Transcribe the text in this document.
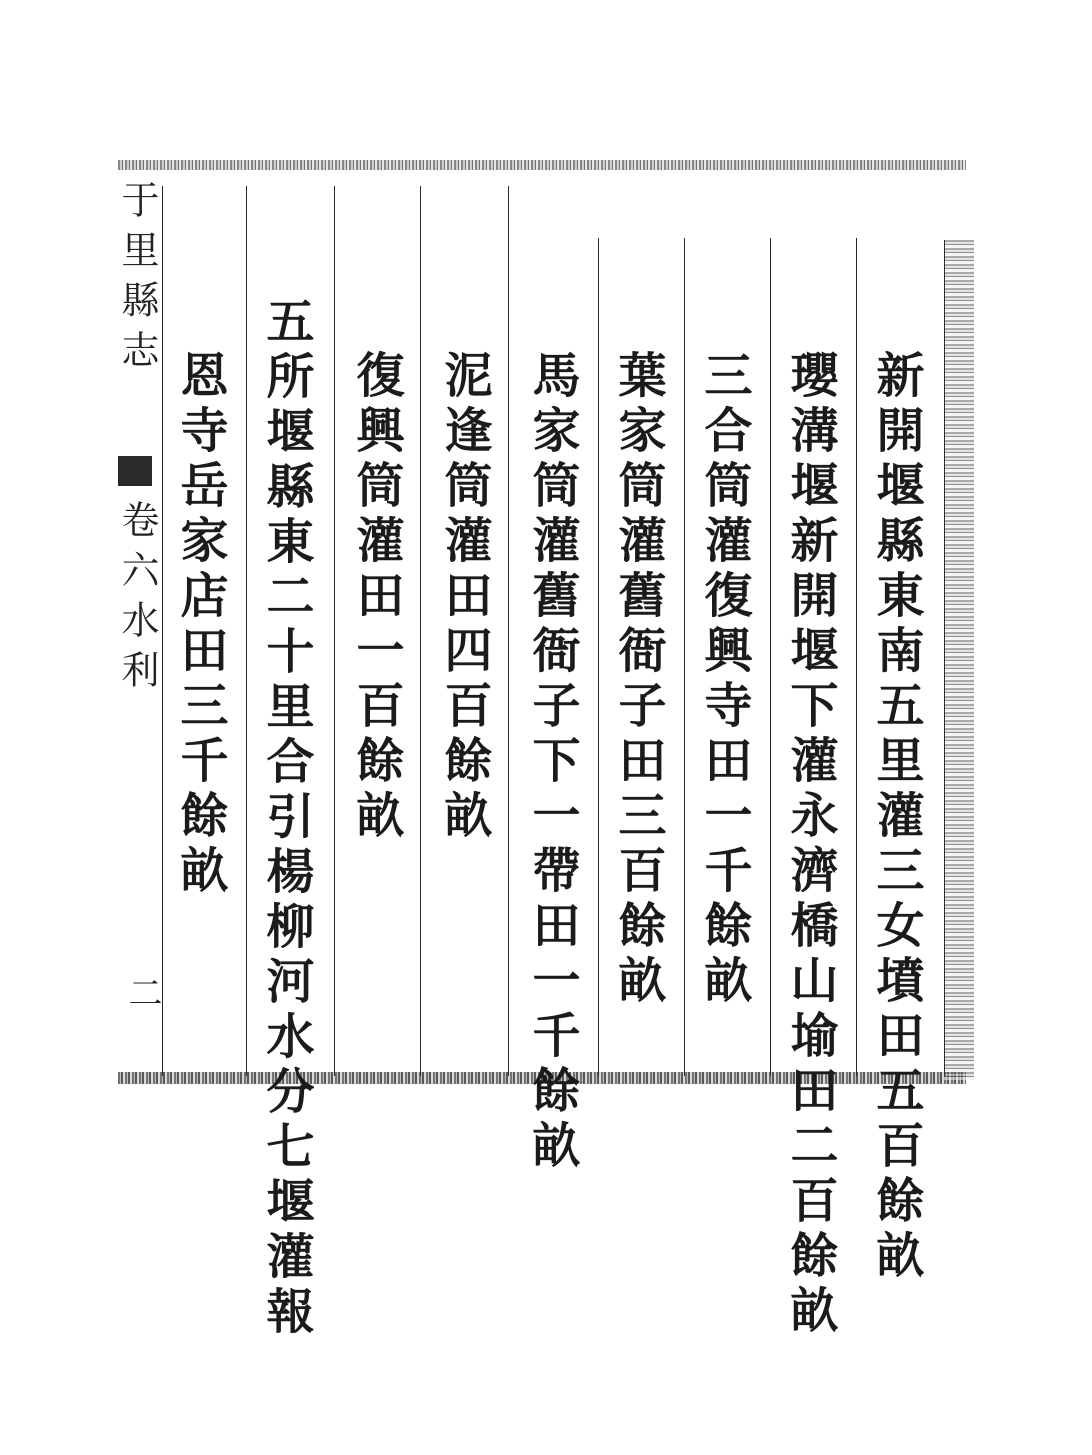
于里縣志
卷六水利
二	新開堰縣東南五里灌三女墳田五百餘畝
瓔溝堰新開堰下灌永濟橋山堬田二百餘畝
三合筒灌復興寺田一千餘畝
葉家筒灌舊衙子田三百餘畝
馬家筒灌舊衙子下一帶田一千餘畝
泥逢筒灌田四百餘畝
復興筒灌田一百餘畝
五所堰縣東二十里合引楊柳河水分七堰灌報
恩寺岳家店田三千餘畝
